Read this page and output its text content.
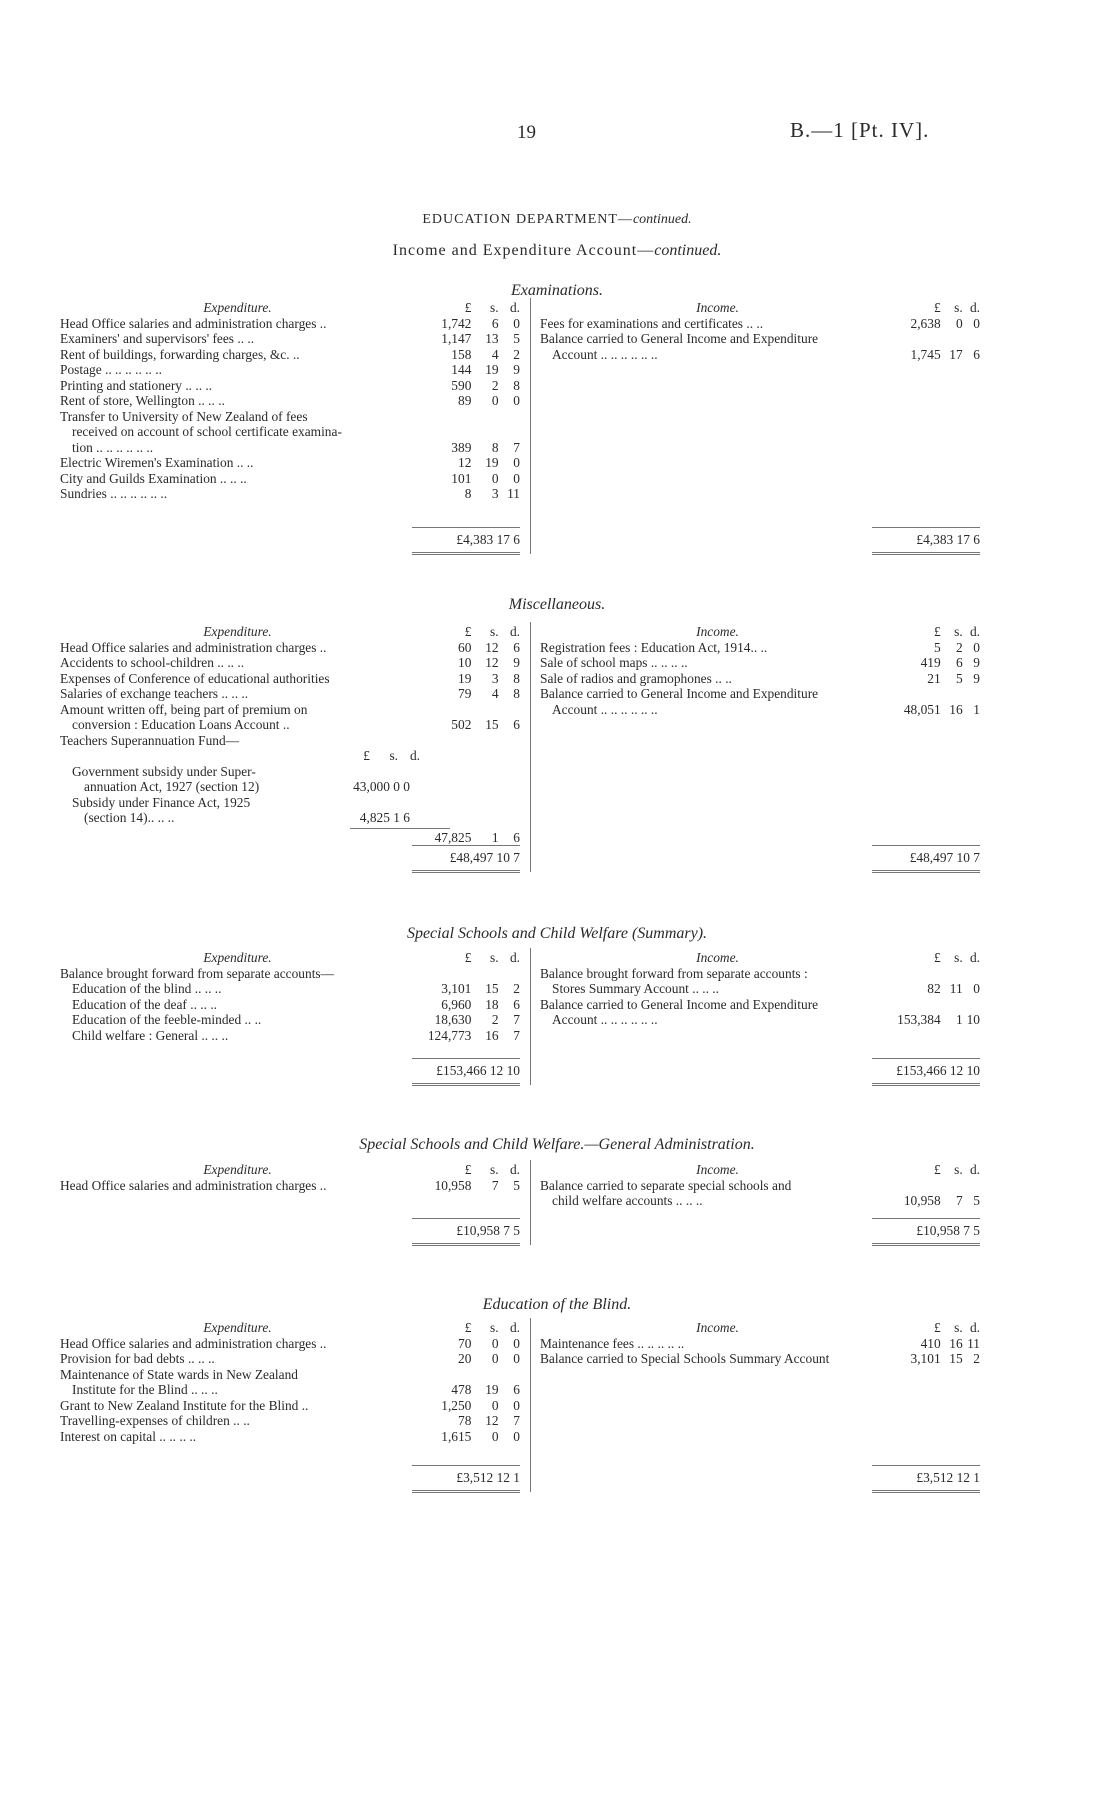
19	B.—1 [Pt. IV].
EDUCATION DEPARTMENT—continued.
Income and Expenditure Account—continued.
Examinations.
Expenditure.	£	s. d.
Head Office salaries and administration charges ..	1,742	6	0
Examiners' and supervisors' fees .. ..	1,147	13	5
Rent of buildings, forwarding charges, &c. ..	158	4	2
Postage .. .. .. .. .. ..	144	19	9
Printing and stationery .. .. ..	590	2	8
Rent of store, Wellington .. .. ..	89	0	0
Transfer to University of New Zealand of fees
received on account of school certificate examina-
tion .. .. .. .. .. ..	389	8	7
Electric Wiremen's Examination .. ..	12	19	0
City and Guilds Examination .. .. ..	101	0	0
Sundries .. .. .. .. .. ..	8	3 11
£4,383 17 6
Income.	£	s. d.
Fees for examinations and certificates .. ..	2,638	0 0
Balance carried to General Income and Expenditure
Account .. .. .. .. .. ..	1,745 17 6
£4,383 17 6
Miscellaneous.
Expenditure.	£	s. d.
Head Office salaries and administration charges ..	60	12	6
Accidents to school-children .. .. ..	10	12	9
Expenses of Conference of educational authorities	19	3	8
Salaries of exchange teachers .. .. ..	79	4	8
Amount written off, being part of premium on
conversion : Education Loans Account ..	502	15	6
Teachers Superannuation Fund—
£	s. d.
Government subsidy under Super-
annuation Act, 1927 (section 12)	43,000 0 0
Subsidy under Finance Act, 1925
(section 14).. .. ..	4,825 1 6
47,825	1	6
£48,497 10 7
Income.	£	s. d.
Registration fees : Education Act, 1914.. ..	5	2 0
Sale of school maps .. .. .. ..	419	6 9
Sale of radios and gramophones .. ..	21	5 9
Balance carried to General Income and Expenditure
Account .. .. .. .. .. ..	48,051 16 1
£48,497 10 7
Special Schools and Child Welfare (Summary).
Expenditure.	£	s. d.
Balance brought forward from separate accounts—
Education of the blind .. .. ..	3,101	15	2
Education of the deaf .. .. ..	6,960	18	6
Education of the feeble-minded .. ..	18,630	2	7
Child welfare : General .. .. ..	124,773	16	7
£153,466 12 10
Income.	£	s. d.
Balance brought forward from separate accounts :
Stores Summary Account .. .. ..	82 11 0
Balance carried to General Income and Expenditure
Account .. .. .. .. .. ..	153,384	1 10
£153,466 12 10
Special Schools and Child Welfare.—General Administration.
Expenditure.	£	s. d.
Head Office salaries and administration charges ..	10,958	7	5
£10,958 7 5
Income.	£	s. d.
Balance carried to separate special schools and
child welfare accounts .. .. ..	10,958	7 5
£10,958 7 5
Education of the Blind.
Expenditure.	£	s. d.
Head Office salaries and administration charges ..	70	0	0
Provision for bad debts .. .. ..	20	0	0
Maintenance of State wards in New Zealand
Institute for the Blind .. .. ..	478	19	6
Grant to New Zealand Institute for the Blind ..	1,250	0	0
Travelling-expenses of children .. ..	78	12	7
Interest on capital .. .. .. ..	1,615	0	0
£3,512 12 1
Income.	£	s. d.
Maintenance fees .. .. .. .. ..	410 16 11
Balance carried to Special Schools Summary Account	3,101 15 2
£3,512 12 1
